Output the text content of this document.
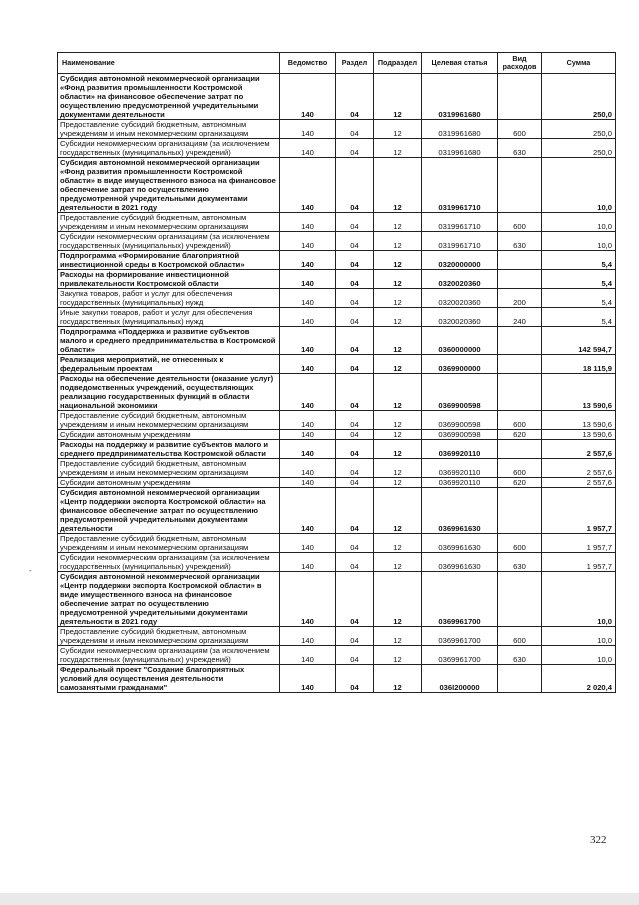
Наименование	Ведомство	Раздел	Подраздел	Целевая статья	Вид расходов	Сумма
Субсидия автономной некоммерческой организации «Фонд развития промышленности Костромской области» на финансовое обеспечение затрат по осуществлению предусмотренной учредительными документами деятельности	140	04	12	0319961680		250,0
Предоставление субсидий бюджетным, автономным учреждениям и иным некоммерческим организациям	140	04	12	0319961680	600	250,0
Субсидии некоммерческим организациям (за исключением государственных (муниципальных) учреждений)	140	04	12	0319961680	630	250,0
Субсидия автономной некоммерческой организации «Фонд развития промышленности Костромской области» в виде имущественного взноса на финансовое обеспечение затрат по осуществлению предусмотренной учредительными документами деятельности в 2021 году	140	04	12	0319961710		10,0
Предоставление субсидий бюджетным, автономным учреждениям и иным некоммерческим организациям	140	04	12	0319961710	600	10,0
Субсидии некоммерческим организациям (за исключением государственных (муниципальных) учреждений)	140	04	12	0319961710	630	10,0
Подпрограмма «Формирование благоприятной инвестиционной среды в Костромской области»	140	04	12	0320000000		5,4
Расходы на формирование инвестиционной привлекательности Костромской области	140	04	12	0320020360		5,4
Закупка товаров, работ и услуг для обеспечения государственных (муниципальных) нужд	140	04	12	0320020360	200	5,4
Иные закупки товаров, работ и услуг для обеспечения государственных (муниципальных) нужд	140	04	12	0320020360	240	5,4
Подпрограмма «Поддержка и развитие субъектов малого и среднего предпринимательства в Костромской области»	140	04	12	0360000000		142 594,7
Реализация мероприятий, не отнесенных к федеральным проектам	140	04	12	0369900000		18 115,9
Расходы на обеспечение деятельности (оказание услуг) подведомственных учреждений, осуществляющих реализацию государственных функций в области национальной экономики	140	04	12	0369900598		13 590,6
Предоставление субсидий бюджетным, автономным учреждениям и иным некоммерческим организациям	140	04	12	0369900598	600	13 590,6
Субсидии автономным учреждениям	140	04	12	0369900598	620	13 590,6
Расходы на поддержку и развитие субъектов малого и среднего предпринимательства Костромской области	140	04	12	0369920110		2 557,6
Предоставление субсидий бюджетным, автономным учреждениям и иным некоммерческим организациям	140	04	12	0369920110	600	2 557,6
Субсидии автономным учреждениям	140	04	12	0369920110	620	2 557,6
Субсидия автономной некоммерческой организации «Центр поддержки экспорта Костромской области» на финансовое обеспечение затрат по осуществлению предусмотренной учредительными документами деятельности	140	04	12	0369961630		1 957,7
Предоставление субсидий бюджетным, автономным учреждениям и иным некоммерческим организациям	140	04	12	0369961630	600	1 957,7
Субсидии некоммерческим организациям (за исключением государственных (муниципальных) учреждений)	140	04	12	0369961630	630	1 957,7
Субсидия автономной некоммерческой организации «Центр поддержки экспорта Костромской области» в виде имущественного взноса на финансовое обеспечение затрат по осуществлению предусмотренной учредительными документами деятельности в 2021 году	140	04	12	0369961700		10,0
Предоставление субсидий бюджетным, автономным учреждениям и иным некоммерческим организациям	140	04	12	0369961700	600	10,0
Субсидии некоммерческим организациям (за исключением государственных (муниципальных) учреждений)	140	04	12	0369961700	630	10,0
Федеральный проект "Создание благоприятных условий для осуществления деятельности самозанятыми гражданами"	140	04	12	036I200000		2 020,4
322
-
